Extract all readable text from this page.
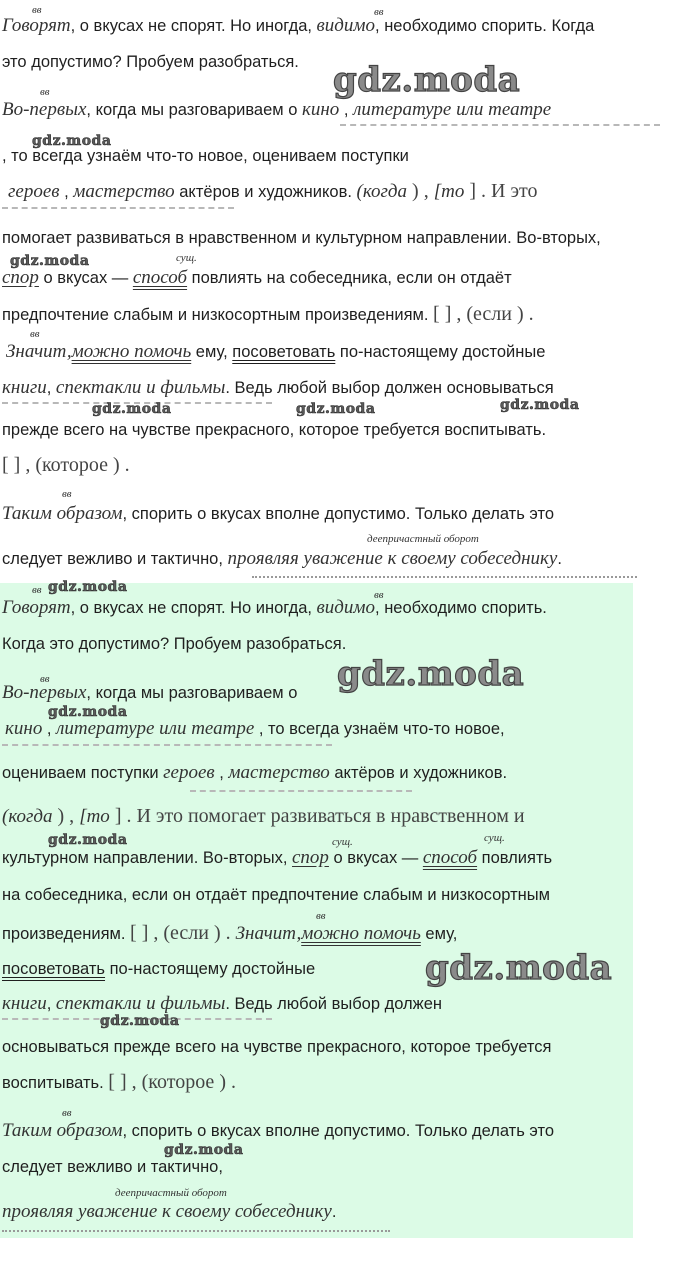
вв	вв
Говорят, о вкусах не спорят. Но иногда, видимо, необходимо спорить. Когда
это допустимо? Пробуем разобраться. gdz.moda
вв
Во-первых, когда мы разговариваем о кино , литературе или театре
gdz.moda
, то всегда узнаём что-то новое, оцениваем поступки
героев , мастерство актёров и художников. (когда ) , [то ] . И это
помогает развиваться в нравственном и культурном направлении. Во-вторых,
gdz.moda	сущ.
спор о вкусах — способ повлиять на собеседника, если он отдаёт
предпочтение слабым и низкосортным произведениям. [ ] , (если ) .
вв
Значит,можно помочь ему, посоветовать по-настоящему достойные
книги, спектакли и фильмы. Ведь любой выбор должен основываться
gdz.moda	gdz.moda	gdz.moda
прежде всего на чувстве прекрасного, которое требуется воспитывать.
[ ] , (которое ) .
вв
Таким образом, спорить о вкусах вполне допустимо. Только делать это
деепричастный оборот
следует вежливо и тактично, проявляя уважение к своему собеседнику.
вв gdz.moda	вв
Говорят, о вкусах не спорят. Но иногда, видимо, необходимо спорить.
Когда это допустимо? Пробуем разобраться.
вв
Во-первых, когда мы разговариваем о gdz.moda
gdz.moda
кино , литературе или театре , то всегда узнаём что-то новое,
оцениваем поступки героев , мастерство актёров и художников.
(когда ) , [то ] . И это помогает развиваться в нравственном и
gdz.moda	сущ.	сущ.
культурном направлении. Во-вторых, спор о вкусах — способ повлиять
на собеседника, если он отдаёт предпочтение слабым и низкосортным
вв
произведениям. [ ] , (если ) . Значит,можно помочь ему,
посоветовать по-настоящему достойные	gdz.moda
книги, спектакли и фильмы. Ведь любой выбор должен
gdz.moda
основываться прежде всего на чувстве прекрасного, которое требуется
воспитывать. [ ] , (которое ) .
вв
Таким образом, спорить о вкусах вполне допустимо. Только делать это
gdz.moda
следует вежливо и тактично,
деепричастный оборот
проявляя уважение к своему собеседнику.
